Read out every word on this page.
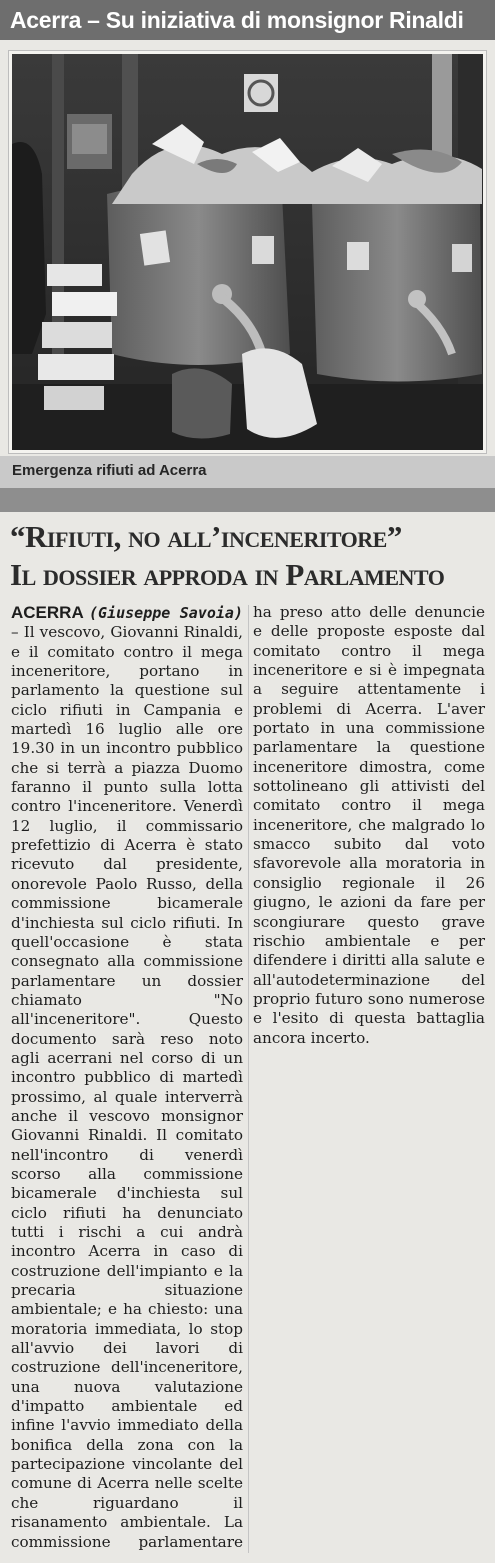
Acerra – Su iniziativa di monsignor Rinaldi
Emergenza rifiuti ad Acerra
“Rifiuti, no all’inceneritore”
Il dossier approda in Parlamento

ACERRA (Giuseppe Savoia) – Il vescovo, Giovanni Rinaldi, e il comitato contro il mega inceneritore, portano in parlamento la questione sul ciclo rifiuti in Campania e martedì 16 luglio alle ore 19.30 in un incontro pubblico che si terrà a piazza Duomo faranno il punto sulla lotta contro l'inceneritore. Venerdì 12 luglio, il commissario prefettizio di Acerra è stato ricevuto dal presidente, onorevole Paolo Russo, della commissione bicamerale d'inchiesta sul ciclo rifiuti. In quell'occasione è stata consegnato alla commissione parlamentare un dossier chiamato "No all'inceneritore". Questo documento sarà reso noto agli acerrani nel corso di un incontro pubblico di martedì prossimo, al quale interverrà anche il vescovo monsignor Giovanni Rinaldi. Il comitato nell'incontro di venerdì scorso alla commissione bicamerale d'inchiesta sul ciclo rifiuti ha denunciato tutti i rischi a cui andrà incontro Acerra in caso di costruzione dell'impianto e la precaria situazione ambientale; e ha chiesto: una moratoria immediata, lo stop all'avvio dei lavori di costruzione dell'inceneritore, una nuova valutazione d'impatto ambientale ed infine l'avvio immediato della bonifica della zona con la partecipazione vincolante del comune di Acerra nelle scelte che riguardano il risanamento ambientale. La commissione parlamentare ha preso atto delle denuncie e delle proposte esposte dal comitato contro il mega inceneritore e si è impegnata a seguire attentamente i problemi di Acerra. L'aver portato in una commissione parlamentare la questione inceneritore dimostra, come sottolineano gli attivisti del comitato contro il mega inceneritore, che malgrado lo smacco subito dal voto sfavorevole alla moratoria in consiglio regionale il 26 giugno, le azioni da fare per scongiurare questo grave rischio ambientale e per difendere i diritti alla salute e all'autodeterminazione del proprio futuro sono numerose e l'esito di questa battaglia ancora incerto.
